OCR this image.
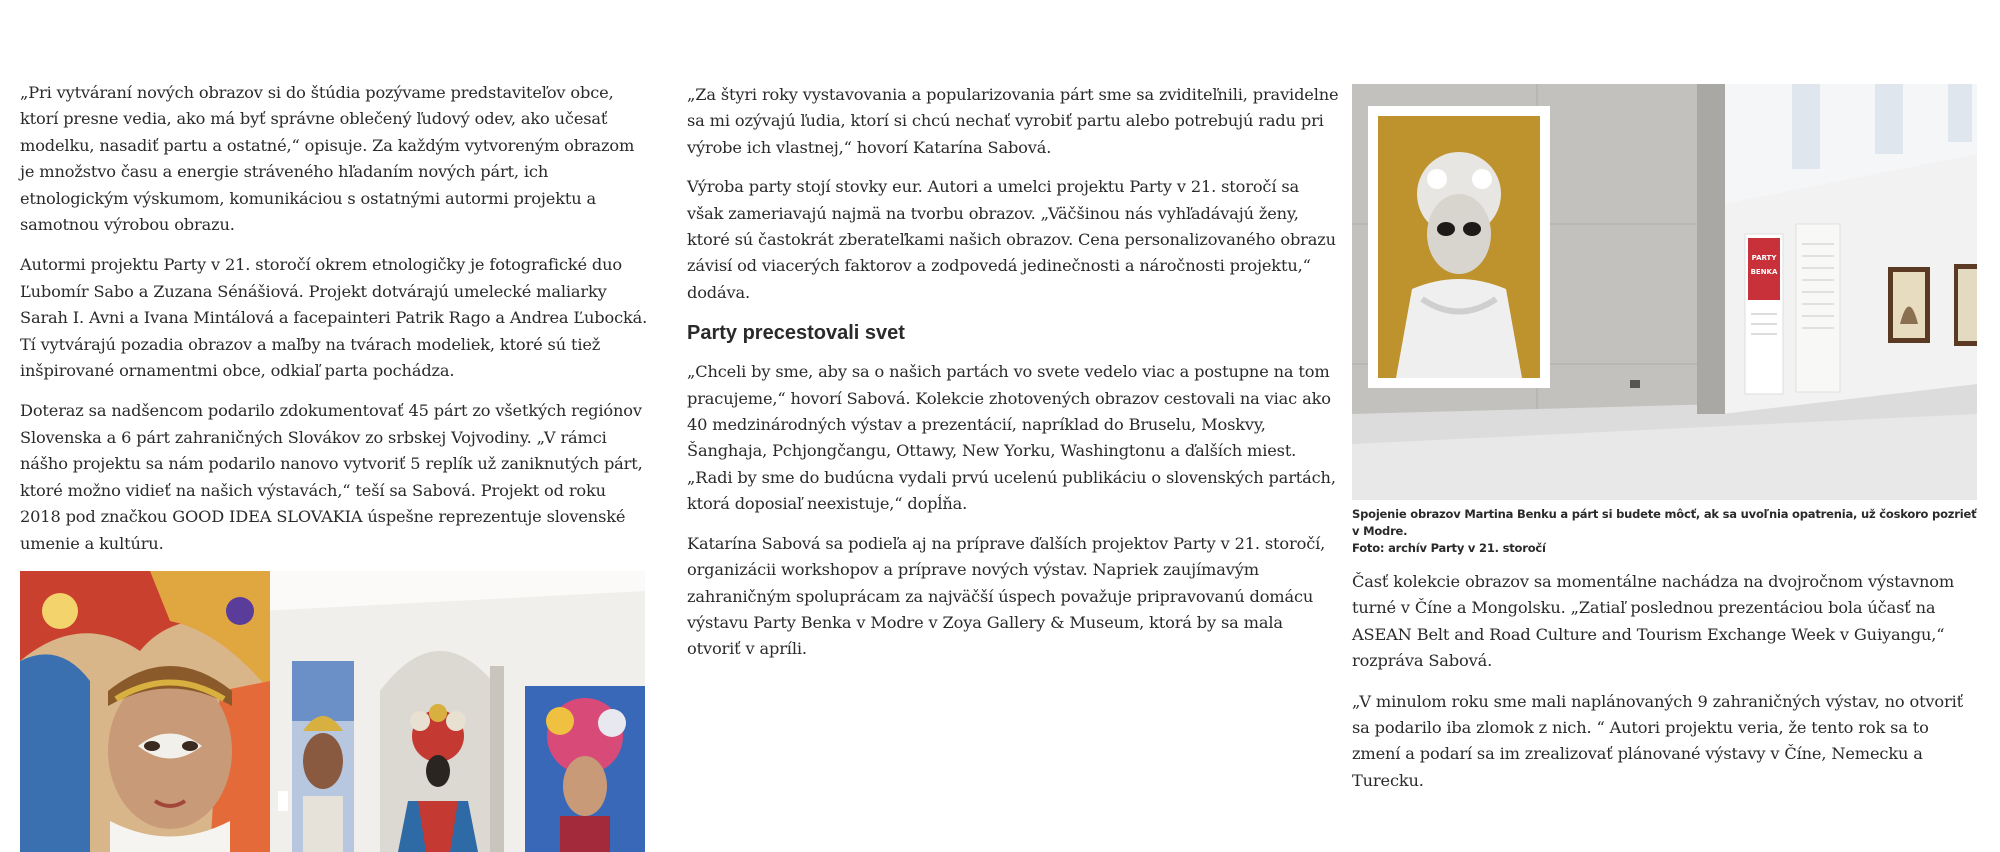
„Pri vytváraní nových obrazov si do štúdia pozývame predstaviteľov obce, ktorí presne vedia, ako má byť správne oblečený ľudový odev, ako učesať modelku, nasadiť partu a ostatné,“ opisuje. Za každým vytvoreným obrazom je množstvo času a energie stráveného hľadaním nových párt, ich etnologickým výskumom, komunikáciou s ostatnými autormi projektu a samotnou výrobou obrazu.

Autormi projektu Party v 21. storočí okrem etnologičky je fotografické duo Ľubomír Sabo a Zuzana Sénášiová. Projekt dotvárajú umelecké maliarky Sarah I. Avni a Ivana Mintálová a facepainteri Patrik Rago a Andrea Ľubocká. Tí vytvárajú pozadia obrazov a maľby na tvárach modeliek, ktoré sú tiež inšpirované ornamentmi obce, odkiaľ parta pochádza.

Doteraz sa nadšencom podarilo zdokumentovať 45 párt zo všetkých regiónov Slovenska a 6 párt zahraničných Slovákov zo srbskej Vojvodiny. „V rámci nášho projektu sa nám podarilo nanovo vytvoriť 5 replík už zaniknutých párt, ktoré možno vidieť na našich výstavách,“ teší sa Sabová. Projekt od roku 2018 pod značkou GOOD IDEA SLOVAKIA úspešne reprezentuje slovenské umenie a kultúru.

„Za štyri roky vystavovania a popularizovania párt sme sa zviditeľnili, pravidelne sa mi ozývajú ľudia, ktorí si chcú nechať vyrobiť partu alebo potrebujú radu pri výrobe ich vlastnej,“ hovorí Katarína Sabová.

Výroba party stojí stovky eur. Autori a umelci projektu Party v 21. storočí sa však zameriavajú najmä na tvorbu obrazov. „Väčšinou nás vyhľadávajú ženy, ktoré sú častokrát zberateľkami našich obrazov. Cena personalizovaného obrazu závisí od viacerých faktorov a zodpovedá jedinečnosti a náročnosti projektu,“ dodáva.

Party precestovali svet

„Chceli by sme, aby sa o našich partách vo svete vedelo viac a postupne na tom pracujeme,“ hovorí Sabová. Kolekcie zhotovených obrazov cestovali na viac ako 40 medzinárodných výstav a prezentácií, napríklad do Bruselu, Moskvy, Šanghaja, Pchjongčangu, Ottawy, New Yorku, Washingtonu a ďalších miest. „Radi by sme do budúcna vydali prvú ucelenú publikáciu o slovenských partách, ktorá doposiaľ neexistuje,“ dopĺňa.

Katarína Sabová sa podieľa aj na príprave ďalších projektov Party v 21. storočí, organizácii workshopov a príprave nových výstav. Napriek zaujímavým zahraničným spoluprácam za najväčší úspech považuje pripravovanú domácu výstavu Party Benka v Modre v Zoya Gallery & Museum, ktorá by sa mala otvoriť v apríli.

PARTY
BENKA
Spojenie obrazov Martina Benku a párt si budete môcť, ak sa uvoľnia opatrenia, už čoskoro pozrieť v Modre.
Foto: archív Party v 21. storočí

Časť kolekcie obrazov sa momentálne nachádza na dvojročnom výstavnom turné v Číne a Mongolsku. „Zatiaľ poslednou prezentáciou bola účasť na ASEAN Belt and Road Culture and Tourism Exchange Week v Guiyangu,“ rozpráva Sabová.

„V minulom roku sme mali naplánovaných 9 zahraničných výstav, no otvoriť sa podarilo iba zlomok z nich. “ Autori projektu veria, že tento rok sa to zmení a podarí sa im zrealizovať plánované výstavy v Číne, Nemecku a Turecku.
